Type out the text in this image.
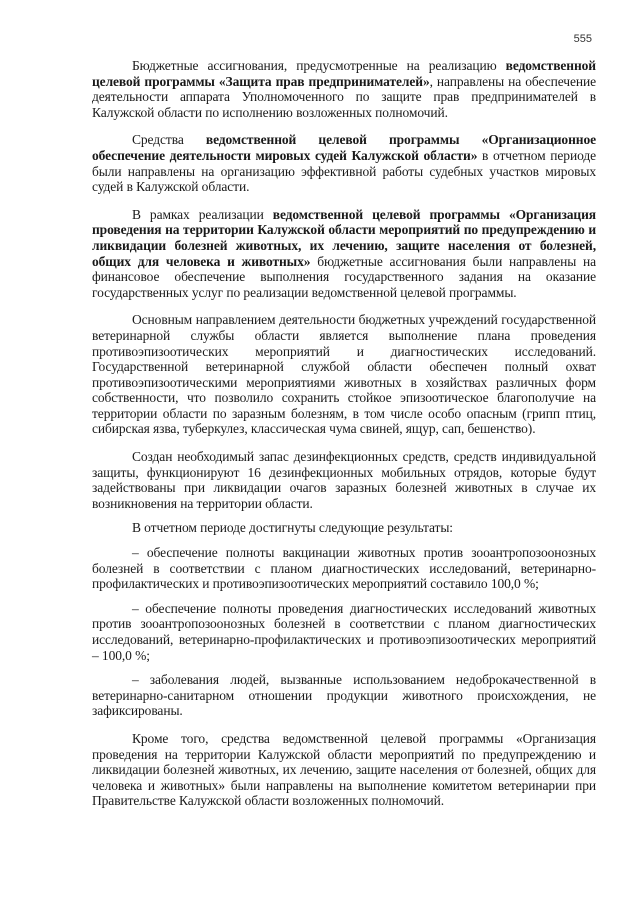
555

Бюджетные ассигнования, предусмотренные на реализацию ведомственной целевой программы «Защита прав предпринимателей», направлены на обеспечение деятельности аппарата Уполномоченного по защите прав предпринимателей в Калужской области по исполнению возложенных полномочий.

Средства ведомственной целевой программы «Организационное обеспечение деятельности мировых судей Калужской области» в отчетном периоде были направлены на организацию эффективной работы судебных участков мировых судей в Калужской области.

В рамках реализации ведомственной целевой программы «Организация проведения на территории Калужской области мероприятий по предупреждению и ликвидации болезней животных, их лечению, защите населения от болезней, общих для человека и животных» бюджетные ассигнования были направлены на финансовое обеспечение выполнения государственного задания на оказание государственных услуг по реализации ведомственной целевой программы.

Основным направлением деятельности бюджетных учреждений государственной ветеринарной службы области является выполнение плана проведения противоэпизоотических мероприятий и диагностических исследований. Государственной ветеринарной службой области обеспечен полный охват противоэпизоотическими мероприятиями животных в хозяйствах различных форм собственности, что позволило сохранить стойкое эпизоотическое благополучие на территории области по заразным болезням, в том числе особо опасным (грипп птиц, сибирская язва, туберкулез, классическая чума свиней, ящур, сап, бешенство).

Создан необходимый запас дезинфекционных средств, средств индивидуальной защиты, функционируют 16 дезинфекционных мобильных отрядов, которые будут задействованы при ликвидации очагов заразных болезней животных в случае их возникновения на территории области.

В отчетном периоде достигнуты следующие результаты:

– обеспечение полноты вакцинации животных против зооантропозоонозных болезней в соответствии с планом диагностических исследований, ветеринарно-профилактических и противоэпизоотических мероприятий составило 100,0 %;

– обеспечение полноты проведения диагностических исследований животных против зооантропозоонозных болезней в соответствии с планом диагностических исследований, ветеринарно-профилактических и противоэпизоотических мероприятий – 100,0 %;

– заболевания людей, вызванные использованием недоброкачественной в ветеринарно-санитарном отношении продукции животного происхождения, не зафиксированы.

Кроме того, средства ведомственной целевой программы «Организация проведения на территории Калужской области мероприятий по предупреждению и ликвидации болезней животных, их лечению, защите населения от болезней, общих для человека и животных» были направлены на выполнение комитетом ветеринарии при Правительстве Калужской области возложенных полномочий.
